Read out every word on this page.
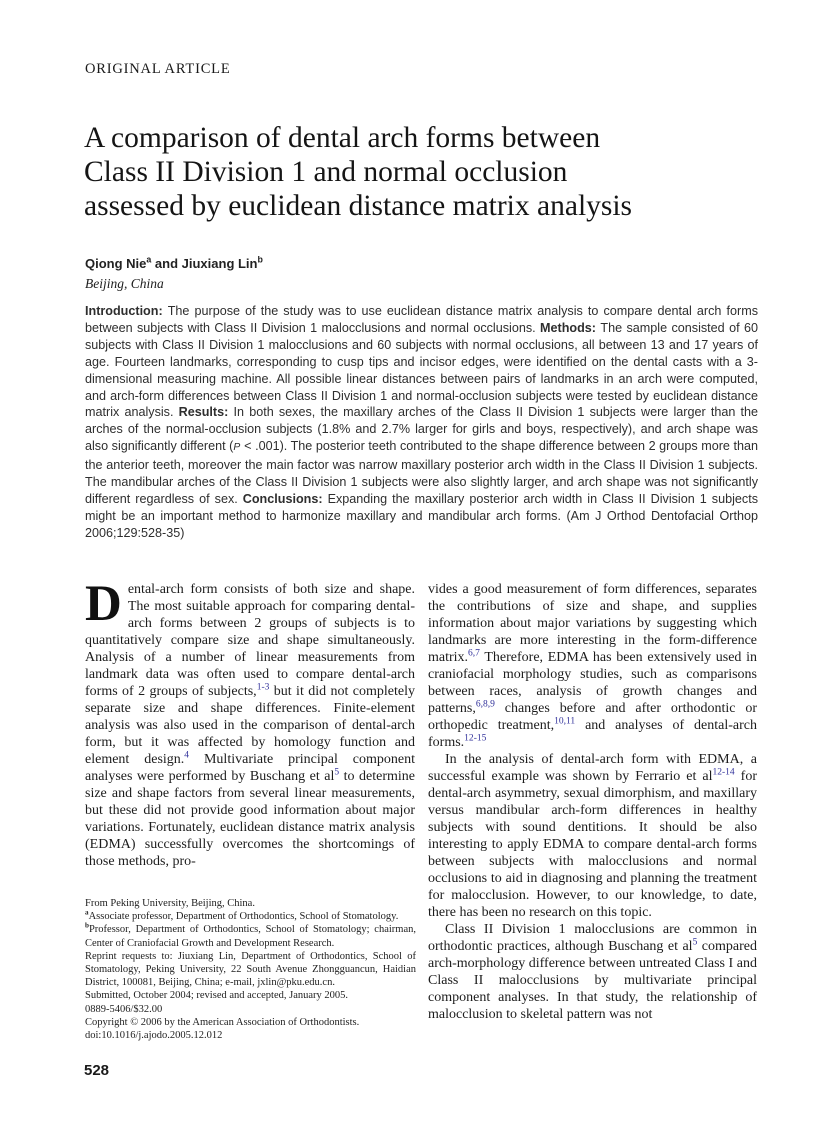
ORIGINAL ARTICLE
A comparison of dental arch forms between
Class II Division 1 and normal occlusion
assessed by euclidean distance matrix analysis
Qiong Nie$^a$ and Jiuxiang Lin$^b$
Beijing, China
Introduction: The purpose of the study was to use euclidean distance matrix analysis to compare dental arch forms between subjects with Class II Division 1 malocclusions and normal occlusions. Methods: The sample consisted of 60 subjects with Class II Division 1 malocclusions and 60 subjects with normal occlusions, all between 13 and 17 years of age. Fourteen landmarks, corresponding to cusp tips and incisor edges, were identified on the dental casts with a 3-dimensional measuring machine. All possible linear distances between pairs of landmarks in an arch were computed, and arch-form differences between Class II Division 1 and normal-occlusion subjects were tested by euclidean distance matrix analysis. Results: In both sexes, the maxillary arches of the Class II Division 1 subjects were larger than the arches of the normal-occlusion subjects (1.8% and 2.7% larger for girls and boys, respectively), and arch shape was also significantly different (P < .001). The posterior teeth contributed to the shape difference between 2 groups more than the anterior teeth, moreover the main factor was narrow maxillary posterior arch width in the Class II Division 1 subjects. The mandibular arches of the Class II Division 1 subjects were also slightly larger, and arch shape was not significantly different regardless of sex. Conclusions: Expanding the maxillary posterior arch width in Class II Division 1 subjects might be an important method to harmonize maxillary and mandibular arch forms. (Am J Orthod Dentofacial Orthop 2006;129:528-35)

Dental-arch form consists of both size and shape. The most suitable approach for comparing dental-arch forms between 2 groups of subjects is to quantitatively compare size and shape simultaneously. Analysis of a number of linear measurements from landmark data was often used to compare dental-arch forms of 2 groups of subjects,$^{1-3}$ but it did not completely separate size and shape differences. Finite-element analysis was also used in the comparison of dental-arch form, but it was affected by homology function and element design.$^4$ Multivariate principal component analyses were performed by Buschang et $al^5$ to determine size and shape factors from several linear measurements, but these did not provide good information about major variations. Fortunately, euclidean distance matrix analysis (EDMA) successfully overcomes the shortcomings of those methods, pro-

vides a good measurement of form differences, separates the contributions of size and shape, and supplies information about major variations by suggesting which landmarks are more interesting in the form-difference matrix.$^{6,7}$ Therefore, EDMA has been extensively used in craniofacial morphology studies, such as comparisons between races, analysis of growth changes and patterns,$^{6,8,9}$ changes before and after orthodontic or orthopedic treatment,$^{10,11}$ and analyses of dental-arch forms.$^{12-15}$

In the analysis of dental-arch form with EDMA, a successful example was shown by Ferrario et $al^{12-14}$ for dental-arch asymmetry, sexual dimorphism, and maxillary versus mandibular arch-form differences in healthy subjects with sound dentitions. It should be also interesting to apply EDMA to compare dental-arch forms between subjects with malocclusions and normal occlusions to aid in diagnosing and planning the treatment for malocclusion. However, to our knowledge, to date, there has been no research on this topic.

Class II Division 1 malocclusions are common in orthodontic practices, although Buschang et $al^5$ compared arch-morphology difference between untreated Class I and Class II malocclusions by multivariate principal component analyses. In that study, the relationship of malocclusion to skeletal pattern was not

From Peking University, Beijing, China.

$^a$Associate professor, Department of Orthodontics, School of Stomatology.

$^b$Professor, Department of Orthodontics, School of Stomatology; chairman, Center of Craniofacial Growth and Development Research.

Reprint requests to: Jiuxiang Lin, Department of Orthodontics, School of Stomatology, Peking University, 22 South Avenue Zhongguancun, Haidian District, 100081, Beijing, China; e-mail, jxlin@pku.edu.cn.

Submitted, October 2004; revised and accepted, January 2005.

0889-5406/$32.00

Copyright © 2006 by the American Association of Orthodontists.

doi:10.1016/j.ajodo.2005.12.012

528
